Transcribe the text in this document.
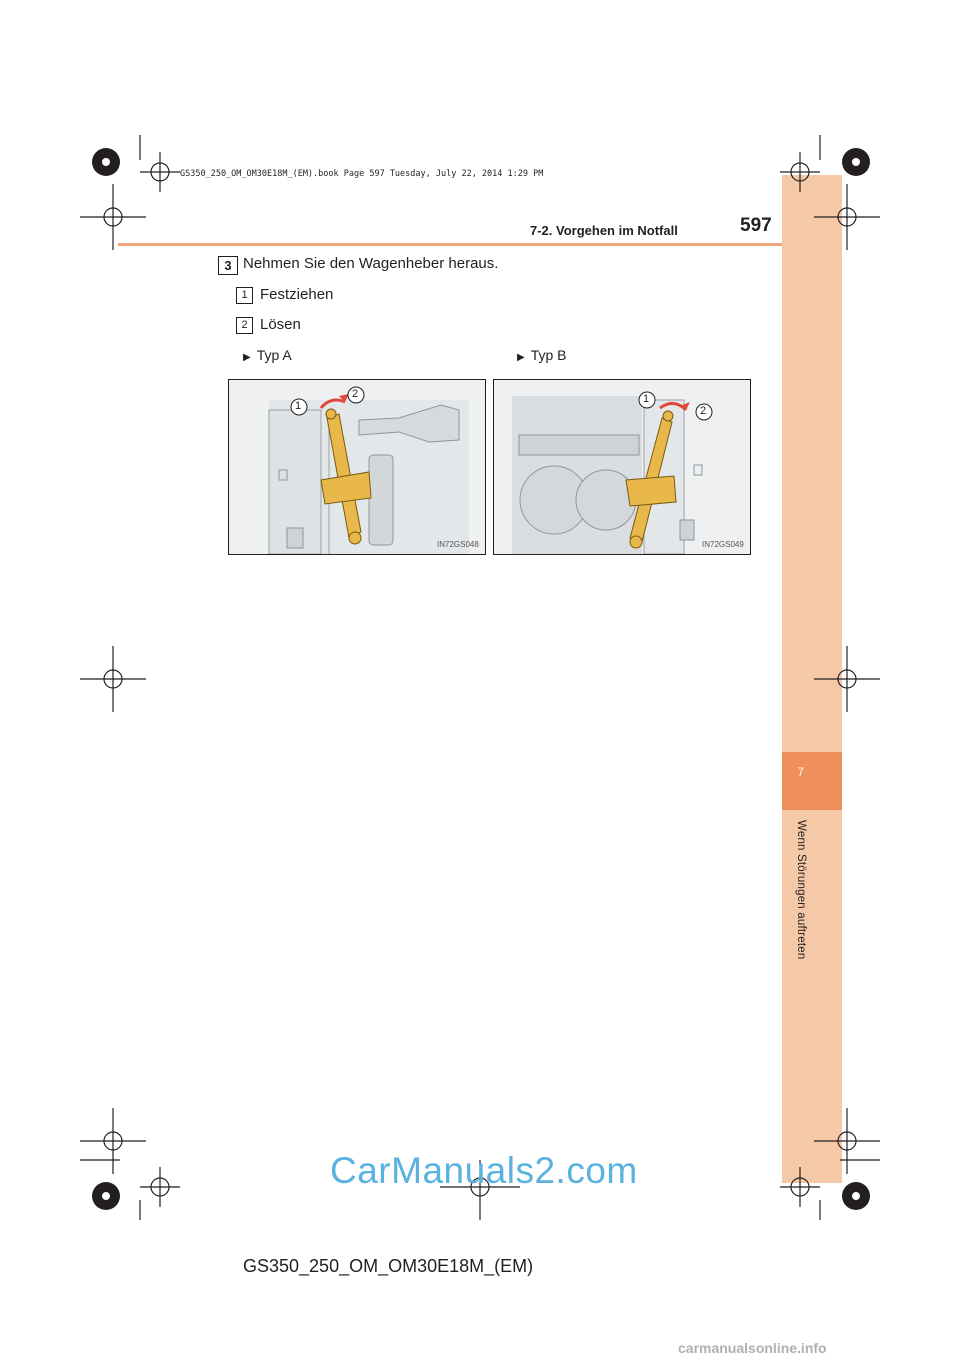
7
Wenn Störungen auftreten
GS350_250_OM_OM30E18M_(EM).book Page 597 Tuesday, July 22, 2014 1:29 PM
7-2. Vorgehen im Notfall	597
3 Nehmen Sie den Wagenheber heraus.
1 Festziehen
2 Lösen
▶ Typ A	▶ Typ B
1
2
IN72GS048
1
2
IN72GS049
CarManuals2.com
GS350_250_OM_OM30E18M_(EM)
carmanualsonline.info
